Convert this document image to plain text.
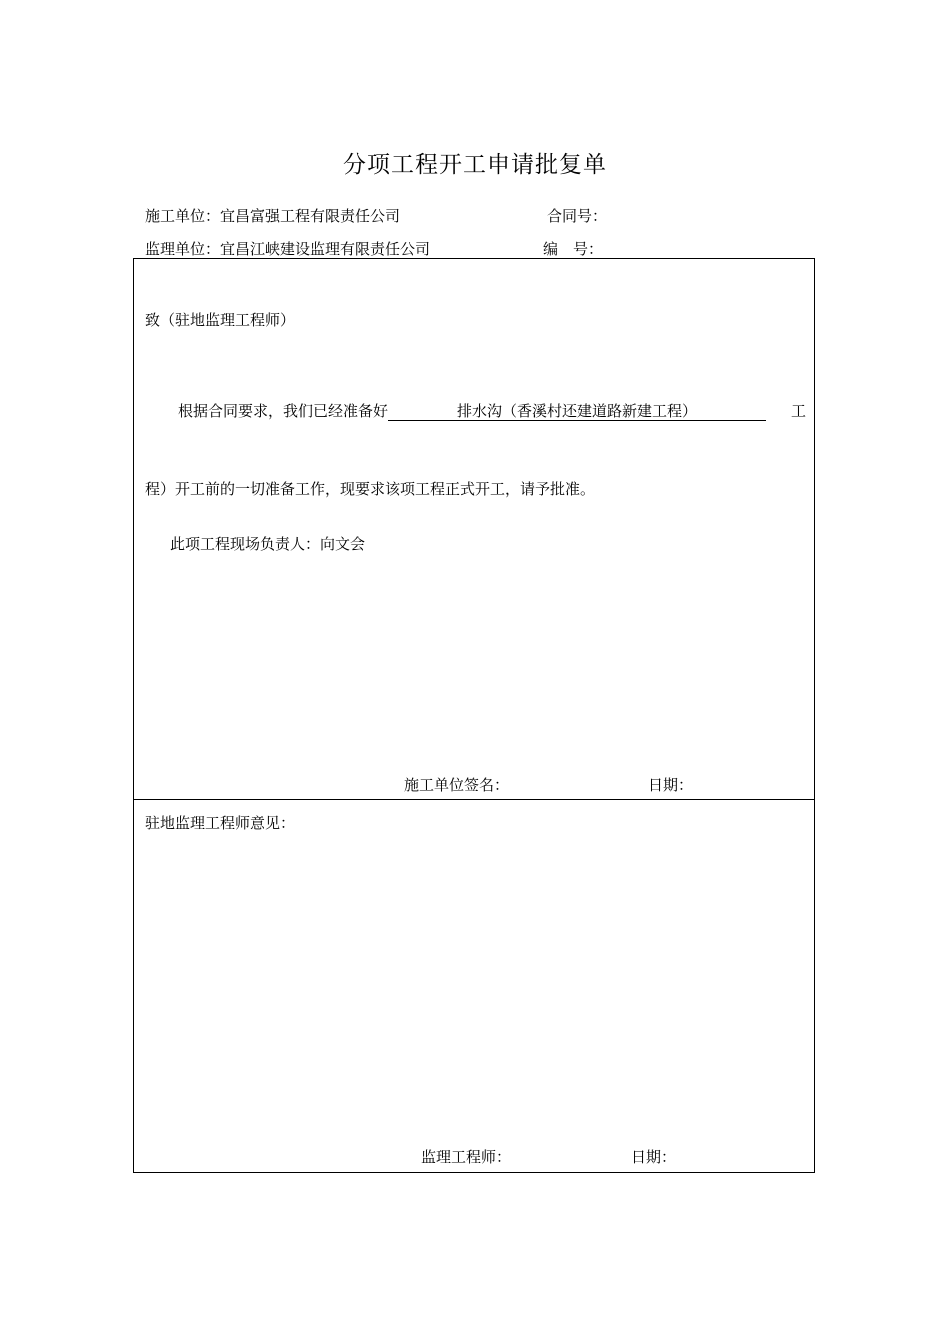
分项工程开工申请批复单
施工单位：宜昌富强工程有限责任公司	合同号：
监理单位：宜昌江峡建设监理有限责任公司	编　号：
致（驻地监理工程师）
根据合同要求，我们已经准备好	排水沟（香溪村还建道路新建工程）	工
程）开工前的一切准备工作，现要求该项工程正式开工，请予批准。
此项工程现场负责人：向文会
施工单位签名：	日期：
驻地监理工程师意见：
监理工程师：	日期：
